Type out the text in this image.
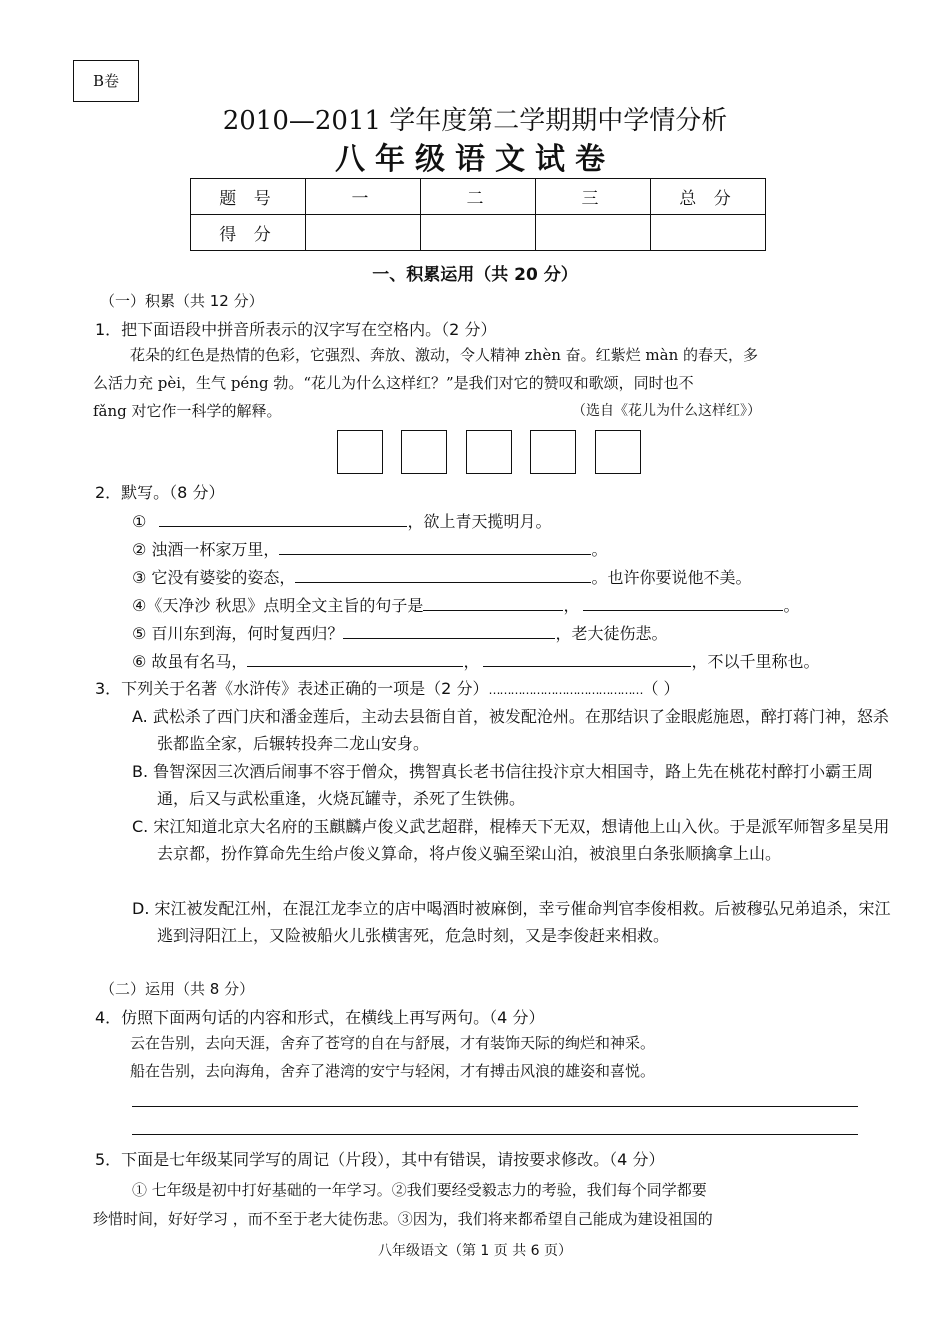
B卷
2010—2011 学年度第二学期期中学情分析
八年级语文试卷
题 号	一	二	三	总 分
得 分				
一、积累运用（共 20 分）
（一）积累（共 12 分）
1．把下面语段中拼音所表示的汉字写在空格内。（2 分）
花朵的红色是热情的色彩，它强烈、奔放、激动，令人精神 zhèn 奋。红紫烂 màn 的春天，多
么活力充 pèi，生气 péng 勃。“花儿为什么这样红？”是我们对它的赞叹和歌颂，同时也不
fǎng 对它作一科学的解释。	（选自《花儿为什么这样红》）
2．默写。（8 分）
①	，欲上青天揽明月。
② 浊酒一杯家万里，	。
③ 它没有婆娑的姿态，	。也许你要说他不美。
④《天净沙 秋思》点明全文主旨的句子是	，	。
⑤ 百川东到海，何时复西归？	，老大徒伤悲。
⑥ 故虽有名马，	，	，不以千里称也。
3．下列关于名著《水浒传》表述正确的一项是（2 分）……………………………………（ ）
A. 武松杀了西门庆和潘金莲后，主动去县衙自首，被发配沧州。在那结识了金眼彪施恩，醉打蒋门神，怒杀张都监全家，后辗转投奔二龙山安身。
B. 鲁智深因三次酒后闹事不容于僧众，携智真长老书信往投汴京大相国寺，路上先在桃花村醉打小霸王周通，后又与武松重逢，火烧瓦罐寺，杀死了生铁佛。
C. 宋江知道北京大名府的玉麒麟卢俊义武艺超群，棍棒天下无双，想请他上山入伙。于是派军师智多星吴用去京都，扮作算命先生给卢俊义算命，将卢俊义骗至梁山泊，被浪里白条张顺擒拿上山。
D. 宋江被发配江州，在混江龙李立的店中喝酒时被麻倒，幸亏催命判官李俊相救。后被穆弘兄弟追杀，宋江逃到浔阳江上，又险被船火儿张横害死，危急时刻，又是李俊赶来相救。
（二）运用（共 8 分）
4．仿照下面两句话的内容和形式，在横线上再写两句。（4 分）
云在告别，去向天涯，舍弃了苍穹的自在与舒展，才有装饰天际的绚烂和神采。
船在告别，去向海角，舍弃了港湾的安宁与轻闲，才有搏击风浪的雄姿和喜悦。
5．下面是七年级某同学写的周记（片段），其中有错误，请按要求修改。（4 分）
① 七年级是初中打好基础的一年学习。②我们要经受毅志力的考验，我们每个同学都要
珍惜时间，好好学习 ，而不至于老大徒伤悲。③因为，我们将来都希望自己能成为建设祖国的
八年级语文（第 1 页 共 6 页）
